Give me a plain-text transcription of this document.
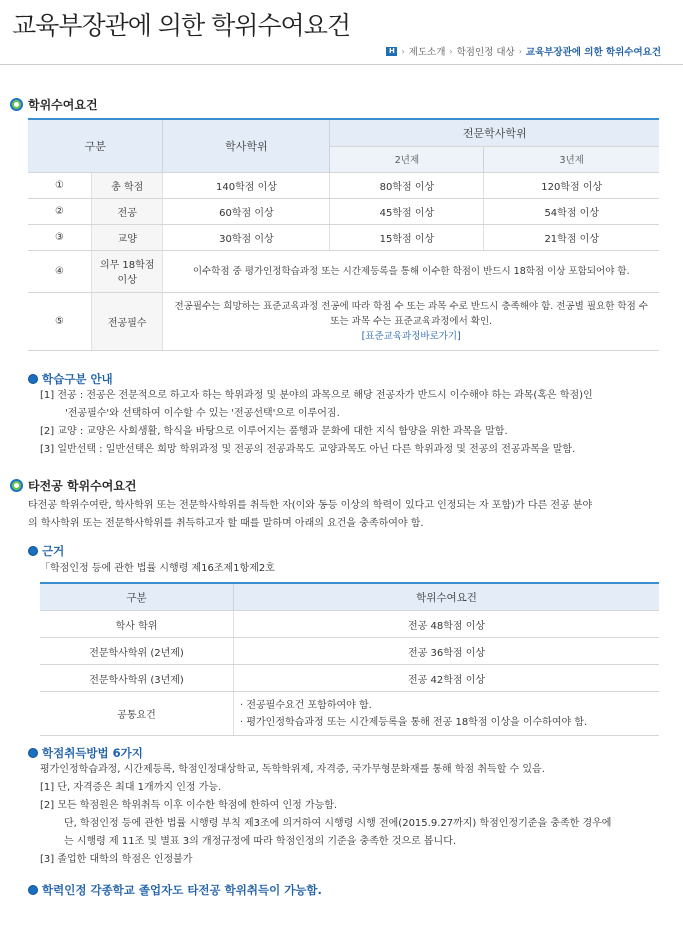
교육부장관에 의한 학위수여요건
H › 제도소개 › 학점인정 대상 › 교육부장관에 의한 학위수여요건
학위수여요건
구분		학사학위	전문학사학위	
			2년제	3년제
①	총 학점	140학점 이상	80학점 이상	120학점 이상
②	전공	60학점 이상	45학점 이상	54학점 이상
③	교양	30학점 이상	15학점 이상	21학점 이상
④	의무 18학점 이상	이수학점 중 평가인정학습과정 또는 시간제등록을 통해 이수한 학점이 반드시 18학점 이상 포함되어야 함.		
⑤	전공필수	전공필수는 희망하는 표준교육과정 전공에 따라 학점 수 또는 과목 수로 반드시 충족해야 함. 전공별 필요한 학점 수 또는 과목 수는 표준교육과정에서 확인.
[표준교육과정바로가기]		
학습구분 안내
[1] 전공 : 전공은 전문적으로 하고자 하는 학위과정 및 분야의 과목으로 해당 전공자가 반드시 이수해야 하는 과목(혹은 학점)인
'전공필수'와 선택하여 이수할 수 있는 '전공선택'으로 이루어짐.
[2] 교양 : 교양은 사회생활, 학식을 바탕으로 이루어지는 품행과 문화에 대한 지식 함양을 위한 과목을 말함.
[3] 일반선택 : 일반선택은 희망 학위과정 및 전공의 전공과목도 교양과목도 아닌 다른 학위과정 및 전공의 전공과목을 말함.
타전공 학위수여요건
타전공 학위수여란, 학사학위 또는 전문학사학위를 취득한 자(이와 동등 이상의 학력이 있다고 인정되는 자 포함)가 다른 전공 분야
의 학사학위 또는 전문학사학위를 취득하고자 할 때를 말하며 아래의 요건을 충족하여야 함.
근거
「학점인정 등에 관한 법률 시행령 제16조제1항제2호
구분	학위수여요건
학사 학위	전공 48학점 이상
전문학사학위 (2년제)	전공 36학점 이상
전문학사학위 (3년제)	전공 42학점 이상
공통요건	· 전공필수요건 포함하여야 함.
· 평가인정학습과정 또는 시간제등록을 통해 전공 18학점 이상을 이수하여야 함.
학점취득방법 6가지
평가인정학습과정, 시간제등록, 학점인정대상학교, 독학학위제, 자격증, 국가무형문화재를 통해 학점 취득할 수 있음.
[1] 단, 자격증은 최대 1개까지 인정 가능.
[2] 모든 학점원은 학위취득 이후 이수한 학점에 한하여 인정 가능함.
단, 학점인정 등에 관한 법률 시행령 부칙 제3조에 의거하여 시행령 시행 전에(2015.9.27까지) 학점인정기준을 충족한 경우에
는 시행령 제 11조 및 별표 3의 개정규정에 따라 학점인정의 기준을 충족한 것으로 봅니다.
[3] 졸업한 대학의 학점은 인정불가
학력인정 각종학교 졸업자도 타전공 학위취득이 가능함.
